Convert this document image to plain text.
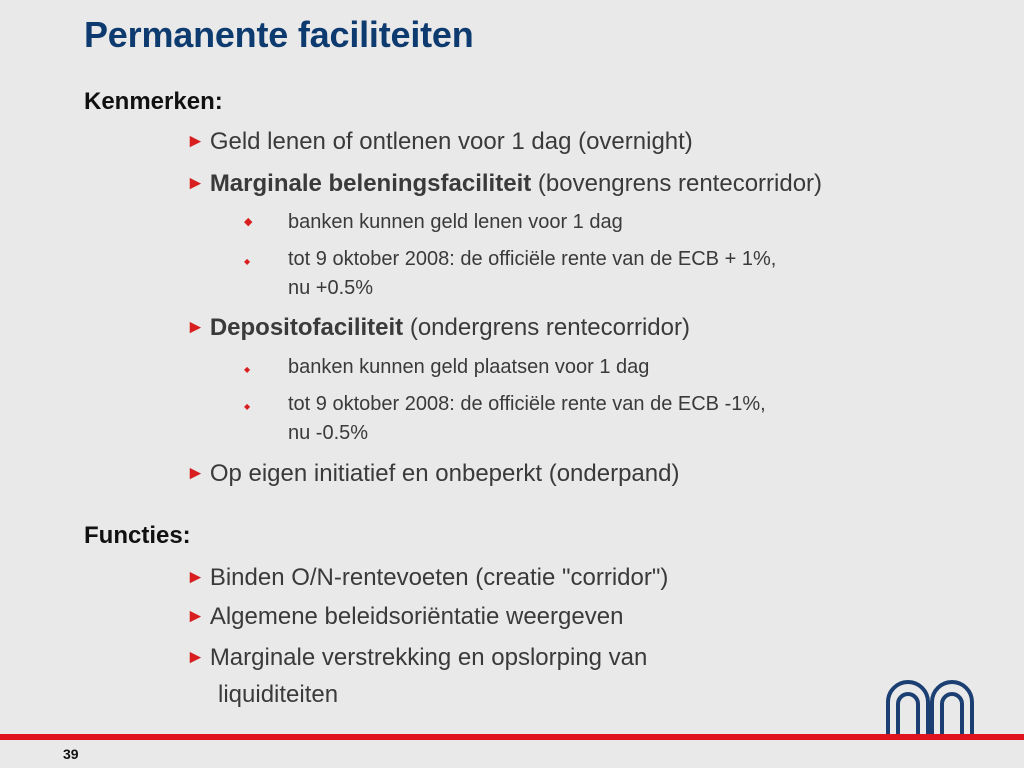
Permanente faciliteiten
Kenmerken:
► Geld lenen of ontlenen voor 1 dag (overnight)
► Marginale beleningsfaciliteit (bovengrens rentecorridor)
◆ banken kunnen geld lenen voor 1 dag
◆ tot 9 oktober 2008: de officiële rente van de ECB + 1%,
nu +0.5%
► Depositofaciliteit (ondergrens rentecorridor)
◆ banken kunnen geld plaatsen voor 1 dag
◆ tot 9 oktober 2008: de officiële rente van de ECB -1%,
nu -0.5%
► Op eigen initiatief en onbeperkt (onderpand)
Functies:
► Binden O/N-rentevoeten (creatie "corridor")
► Algemene beleidsoriëntatie weergeven
► Marginale verstrekking en opslorping van
liquiditeiten
39
